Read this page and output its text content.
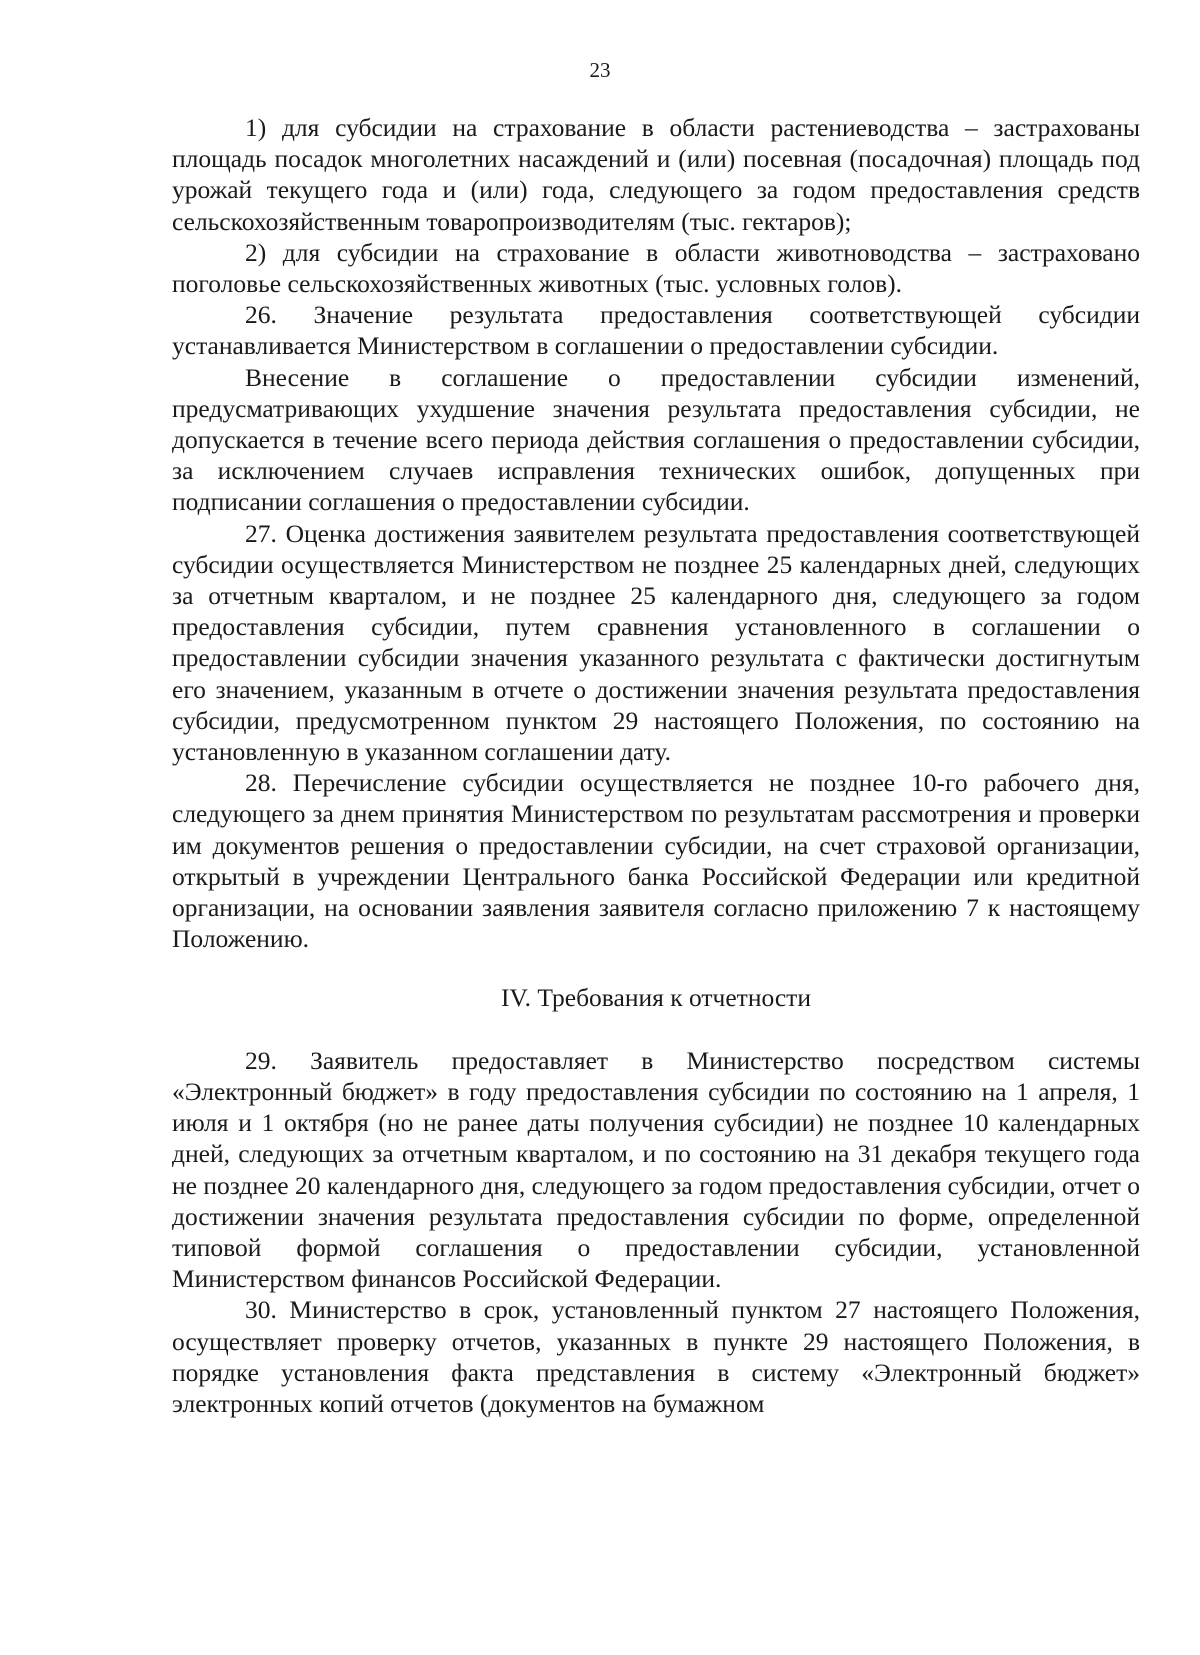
23

1) для субсидии на страхование в области растениеводства – застрахованы площадь посадок многолетних насаждений и (или) посевная (посадочная) площадь под урожай текущего года и (или) года, следующего за годом предоставления средств сельскохозяйственным товаропроизводителям (тыс. гектаров);

2) для субсидии на страхование в области животноводства – застраховано поголовье сельскохозяйственных животных (тыс. условных голов).

26. Значение результата предоставления соответствующей субсидии устанавливается Министерством в соглашении о предоставлении субсидии.

Внесение в соглашение о предоставлении субсидии изменений, предусматривающих ухудшение значения результата предоставления субсидии, не допускается в течение всего периода действия соглашения о предоставлении субсидии, за исключением случаев исправления технических ошибок, допущенных при подписании соглашения о предоставлении субсидии.

27. Оценка достижения заявителем результата предоставления соответствующей субсидии осуществляется Министерством не позднее 25 календарных дней, следующих за отчетным кварталом, и не позднее 25 календарного дня, следующего за годом предоставления субсидии, путем сравнения установленного в соглашении о предоставлении субсидии значения указанного результата с фактически достигнутым его значением, указанным в отчете о достижении значения результата предоставления субсидии, предусмотренном пунктом 29 настоящего Положения, по состоянию на установленную в указанном соглашении дату.

28. Перечисление субсидии осуществляется не позднее 10-го рабочего дня, следующего за днем принятия Министерством по результатам рассмотрения и проверки им документов решения о предоставлении субсидии, на счет страховой организации, открытый в учреждении Центрального банка Российской Федерации или кредитной организации, на основании заявления заявителя согласно приложению 7 к настоящему Положению.

IV. Требования к отчетности

29. Заявитель предоставляет в Министерство посредством системы «Электронный бюджет» в году предоставления субсидии по состоянию на 1 апреля, 1 июля и 1 октября (но не ранее даты получения субсидии) не позднее 10 календарных дней, следующих за отчетным кварталом, и по состоянию на 31 декабря текущего года не позднее 20 календарного дня, следующего за годом предоставления субсидии, отчет о достижении значения результата предоставления субсидии по форме, определенной типовой формой соглашения о предоставлении субсидии, установленной Министерством финансов Российской Федерации.

30. Министерство в срок, установленный пунктом 27 настоящего Положения, осуществляет проверку отчетов, указанных в пункте 29 настоящего Положения, в порядке установления факта представления в систему «Электронный бюджет» электронных копий отчетов (документов на бумажном
